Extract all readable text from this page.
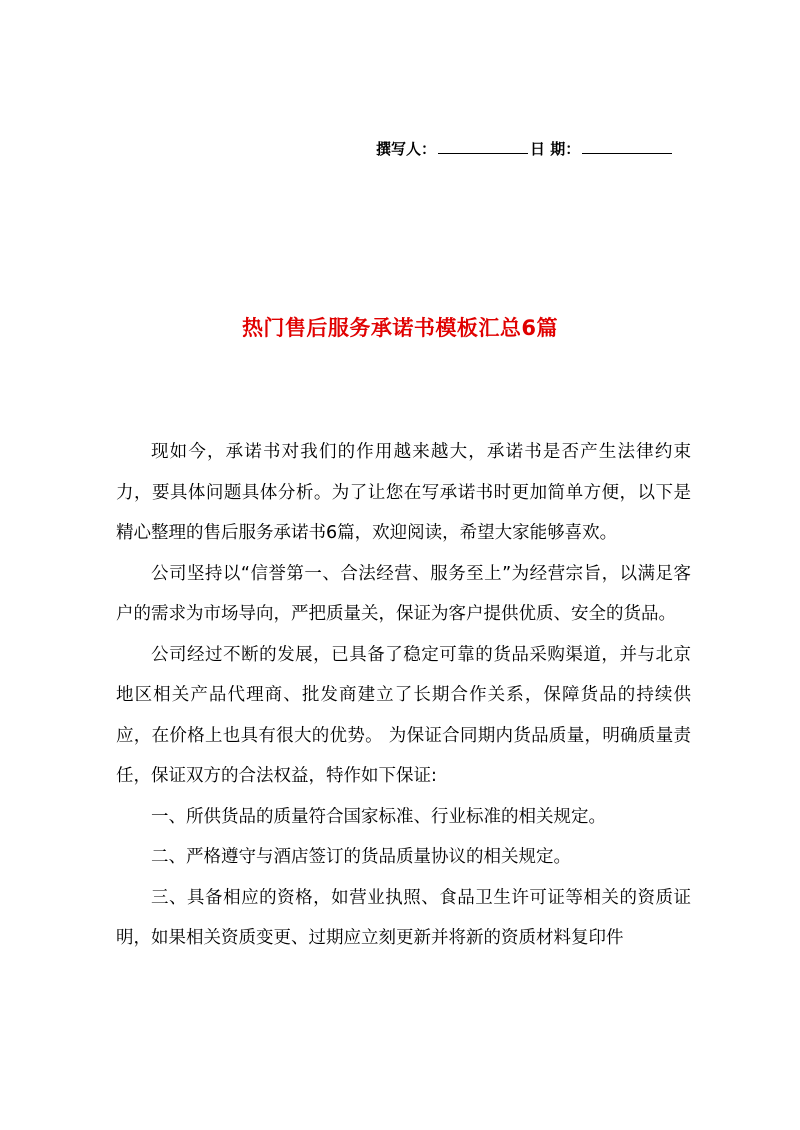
撰写人：	日 期：
热门售后服务承诺书模板汇总6篇

现如今，承诺书对我们的作用越来越大，承诺书是否产生法律约束力，要具体问题具体分析。为了让您在写承诺书时更加简单方便，以下是精心整理的售后服务承诺书6篇，欢迎阅读，希望大家能够喜欢。

公司坚持以“信誉第一、合法经营、服务至上”为经营宗旨，以满足客户的需求为市场导向，严把质量关，保证为客户提供优质、安全的货品。

公司经过不断的发展，已具备了稳定可靠的货品采购渠道，并与北京地区相关产品代理商、批发商建立了长期合作关系，保障货品的持续供应，在价格上也具有很大的优势。 为保证合同期内货品质量，明确质量责任，保证双方的合法权益，特作如下保证:

一、所供货品的质量符合国家标准、行业标准的相关规定。

二、严格遵守与酒店签订的货品质量协议的相关规定。

三、具备相应的资格，如营业执照、食品卫生许可证等相关的资质证明，如果相关资质变更、过期应立刻更新并将新的资质材料复印件
